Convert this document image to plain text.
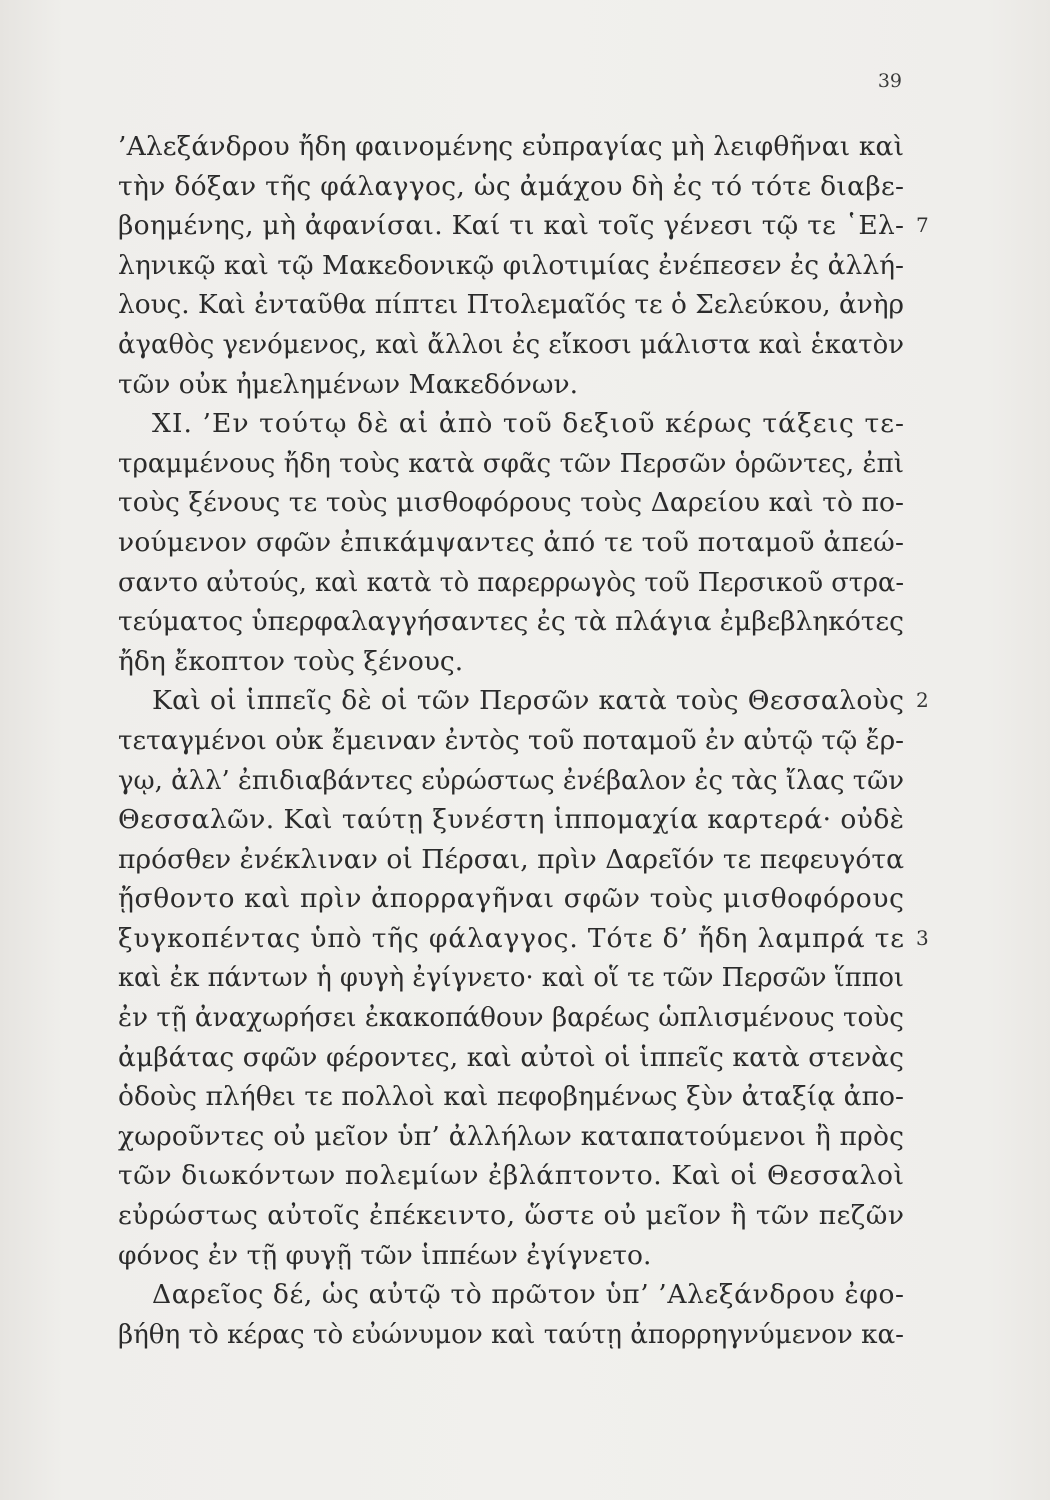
39
’Αλεξάνδρου ἤδη φαινομένης εὐπραγίας μὴ λειφθῆναι καὶ
τὴν δόξαν τῆς φάλαγγος, ὡς ἀμάχου δὴ ἐς τό τότε διαβε-
βοημένης, μὴ ἀφανίσαι. Καί τι καὶ τοῖς γένεσι τῷ τε ῾Ελ- 7
ληνικῷ καὶ τῷ Μακεδονικῷ φιλοτιμίας ἐνέπεσεν ἐς ἀλλή-
λους. Καὶ ἐνταῦθα πίπτει Πτολεμαῖός τε ὁ Σελεύκου, ἀνὴρ
ἀγαθὸς γενόμενος, καὶ ἄλλοι ἐς εἴκοσι μάλιστα καὶ ἑκατὸν
τῶν οὐκ ἠμελημένων Μακεδόνων.
XI. ’Εν τούτῳ δὲ αἱ ἀπὸ τοῦ δεξιοῦ κέρως τάξεις τε-
τραμμένους ἤδη τοὺς κατὰ σφᾶς τῶν Περσῶν ὁρῶντες, ἐπὶ
τοὺς ξένους τε τοὺς μισθοφόρους τοὺς Δαρείου καὶ τὸ πο-
νούμενον σφῶν ἐπικάμψαντες ἀπό τε τοῦ ποταμοῦ ἀπεώ-
σαντο αὐτούς, καὶ κατὰ τὸ παρερρωγὸς τοῦ Περσικοῦ στρα-
τεύματος ὑπερφαλαγγήσαντες ἐς τὰ πλάγια ἐμβεβληκότες
ἤδη ἔκοπτον τοὺς ξένους.
Καὶ οἱ ἱππεῖς δὲ οἱ τῶν Περσῶν κατὰ τοὺς Θεσσαλοὺς 2
τεταγμένοι οὐκ ἔμειναν ἐντὸς τοῦ ποταμοῦ ἐν αὐτῷ τῷ ἔρ-
γῳ, ἀλλ’ ἐπιδιαβάντες εὐρώστως ἐνέβαλον ἐς τὰς ἴλας τῶν
Θεσσαλῶν. Καὶ ταύτῃ ξυνέστη ἱππομαχία καρτερά· οὐδὲ
πρόσθεν ἐνέκλιναν οἱ Πέρσαι, πρὶν Δαρεῖόν τε πεφευγότα
ᾔσθοντο καὶ πρὶν ἀπορραγῆναι σφῶν τοὺς μισθοφόρους
ξυγκοπέντας ὑπὸ τῆς φάλαγγος. Τότε δ’ ἤδη λαμπρά τε 3
καὶ ἐκ πάντων ἡ φυγὴ ἐγίγνετο· καὶ οἵ τε τῶν Περσῶν ἵπποι
ἐν τῇ ἀναχωρήσει ἐκακοπάθουν βαρέως ὡπλισμένους τοὺς
ἀμβάτας σφῶν φέροντες, καὶ αὐτοὶ οἱ ἱππεῖς κατὰ στενὰς
ὁδοὺς πλήθει τε πολλοὶ καὶ πεφοβημένως ξὺν ἀταξίᾳ ἀπο-
χωροῦντες οὐ μεῖον ὑπ’ ἀλλήλων καταπατούμενοι ἢ πρὸς
τῶν διωκόντων πολεμίων ἐβλάπτοντο. Καὶ οἱ Θεσσαλοὶ
εὐρώστως αὐτοῖς ἐπέκειντο, ὥστε οὐ μεῖον ἢ τῶν πεζῶν
φόνος ἐν τῇ φυγῇ τῶν ἱππέων ἐγίγνετο.
Δαρεῖος δέ, ὡς αὐτῷ τὸ πρῶτον ὑπ’ ’Αλεξάνδρου ἐφο-
βήθη τὸ κέρας τὸ εὐώνυμον καὶ ταύτῃ ἀπορρηγνύμενον κα-
